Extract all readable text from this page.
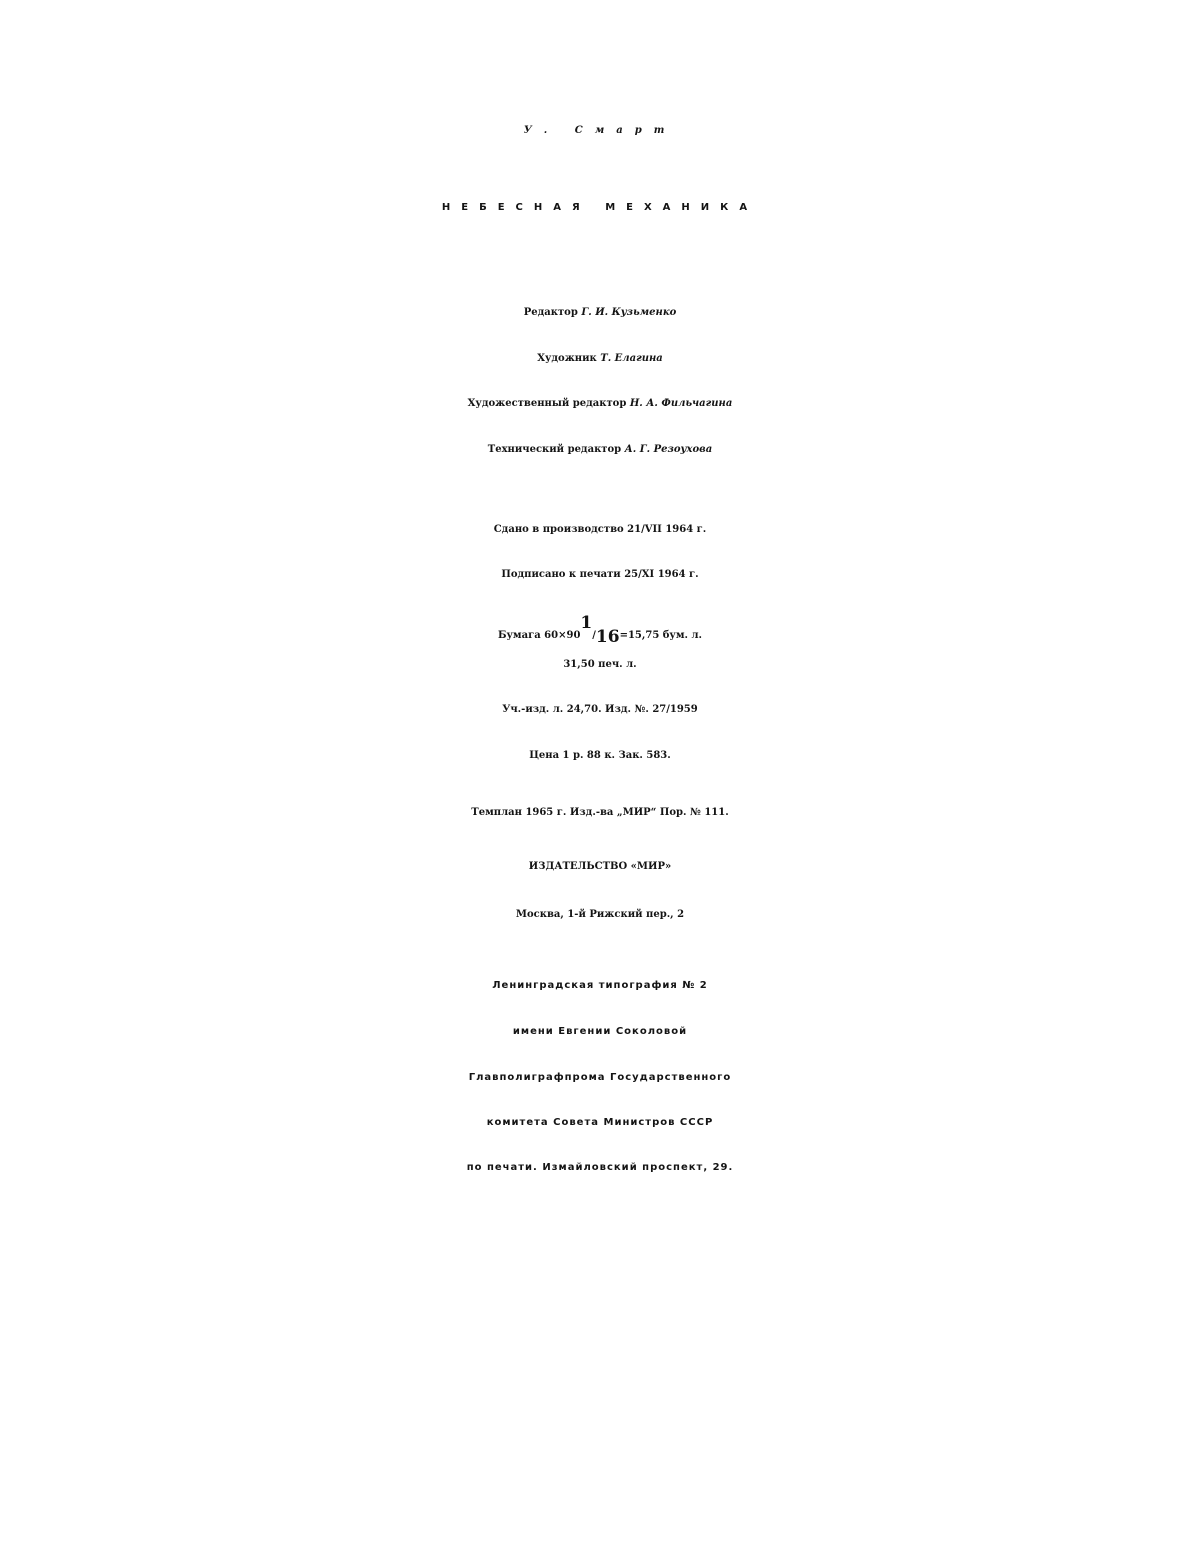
У. Смарт
НЕБЕСНАЯ МЕХАНИКА
Редактор Г. И. Кузьменко
Художник Т. Елагина
Художественный редактор Н. А. Фильчагина
Технический редактор А. Г. Резоухова
Сдано в производство 21/VII 1964 г.
Подписано к печати 25/XI 1964 г.
Бумага 60×901/16=15,75 бум. л.
31,50 печ. л.
Уч.-изд. л. 24,70. Изд. №. 27/1959
Цена 1 р. 88 к. Зак. 583.
Темплан 1965 г. Изд.-ва „МИР“ Пор. № 111.
ИЗДАТЕЛЬСТВО «МИР»
Москва, 1-й Рижский пер., 2
Ленинградская типография № 2
имени Евгении Соколовой
Главполиграфпрома Государственного
комитета Совета Министров СССР
по печати. Измайловский проспект, 29.
